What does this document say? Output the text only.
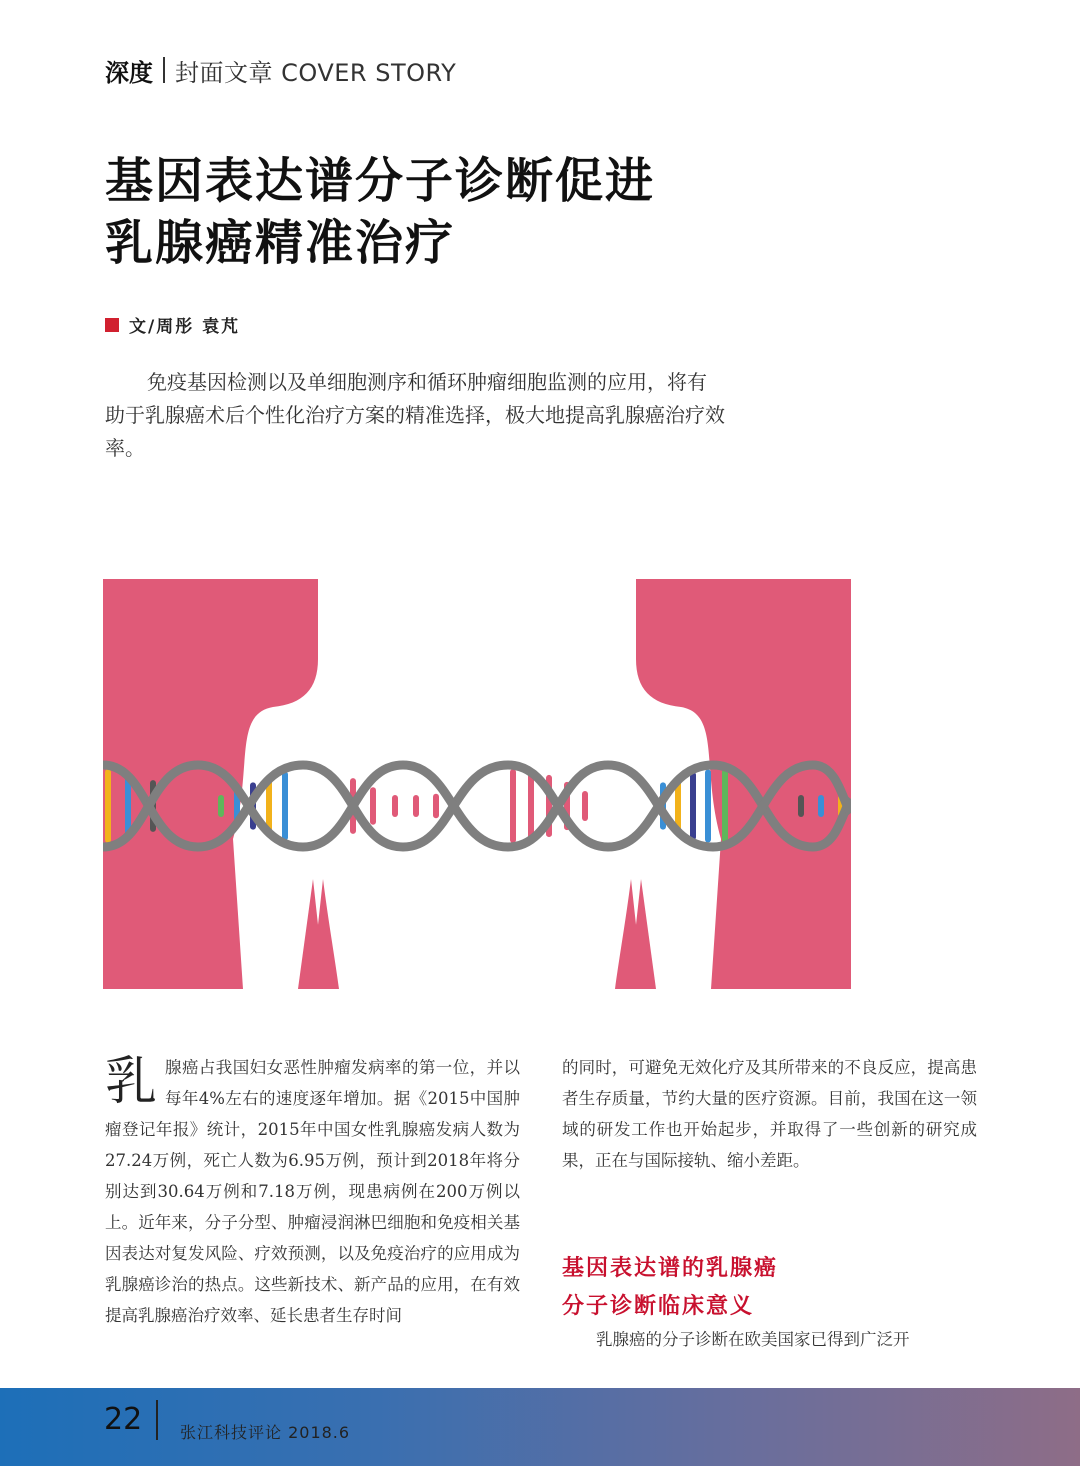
深度 封面文章 COVER STORY
基因表达谱分子诊断促进
乳腺癌精准治疗
文/周彤 袁芃
免疫基因检测以及单细胞测序和循环肿瘤细胞监测的应用，将有助于乳腺癌术后个性化治疗方案的精准选择，极大地提高乳腺癌治疗效率。
乳腺癌占我国妇女恶性肿瘤发病率的第一位，并以每年4%左右的速度逐年增加。据《2015中国肿瘤登记年报》统计，2015年中国女性乳腺癌发病人数为27.24万例，死亡人数为6.95万例，预计到2018年将分别达到30.64万例和7.18万例，现患病例在200万例以上。近年来，分子分型、肿瘤浸润淋巴细胞和免疫相关基因表达对复发风险、疗效预测，以及免疫治疗的应用成为乳腺癌诊治的热点。这些新技术、新产品的应用，在有效提高乳腺癌治疗效率、延长患者生存时间
的同时，可避免无效化疗及其所带来的不良反应，提高患者生存质量，节约大量的医疗资源。目前，我国在这一领域的研发工作也开始起步，并取得了一些创新的研究成果，正在与国际接轨、缩小差距。
基因表达谱的乳腺癌
分子诊断临床意义
乳腺癌的分子诊断在欧美国家已得到广泛开
22 张江科技评论 2018.6
